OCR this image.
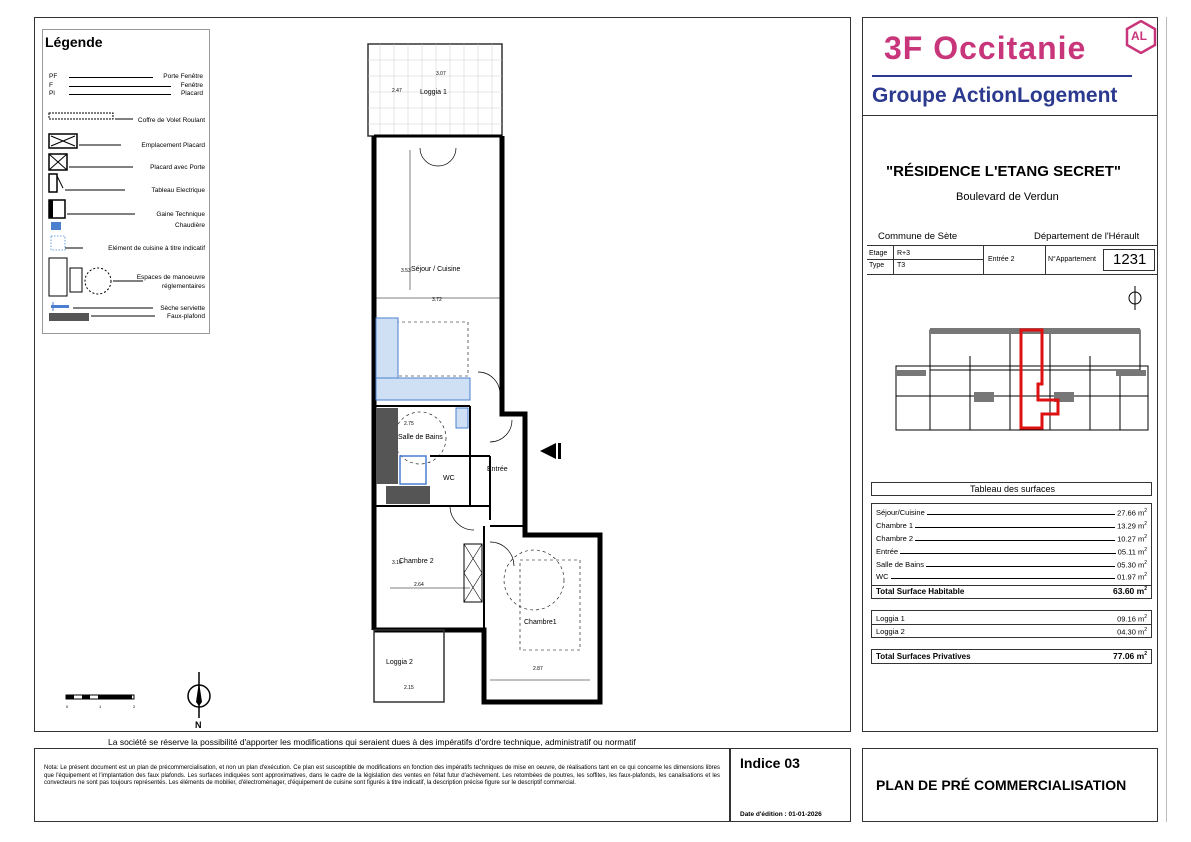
Légende
PF	Porte Fenêtre
F	Fenêtre
Pl	Placard
Coffre de Volet Roulant
Emplacement Placard
Placard avec Porte
Tableau Electrique
Gaine Technique
Chaudière
Elément de cuisine à titre indicatif
Espaces de manoeuvre
réglementaires
Sèche serviette
Faux-plafond
Loggia 1
3.07
2.47
Séjour / Cuisine
3.72
3.53
Salle de Bains
2.75
WC
Entrée
Chambre 2
2.64
3.16
Chambre1
2.87
Loggia 2
2.15
0	1	2
N
La société se réserve la possibilité d'apporter les modifications qui seraient dues à des impératifs d'ordre technique, administratif ou normatif
Nota: Le présent document est un plan de précommercialisation, et non un plan d'exécution. Ce plan est susceptible de modifications en fonction des impératifs techniques de mise en oeuvre, de réalisations tant en ce qui concerne les dimensions libres que l'équipement et l'implantation des faux plafonds. Les surfaces indiquées sont approximatives, dans le cadre de la législation des ventes en l'état futur d'achèvement. Les retombées de poutres, les soffites, les faux-plafonds, les canalisations et les convecteurs ne sont pas toujours représentés. Les éléments de mobilier, d'électroménager, d'équipement de cuisine sont figurés à titre indicatif, la description précise figure sur le descriptif commercial.
Indice 03
Date d'édition : 01-01-2026
3F Occitanie	AL
Groupe ActionLogement
"RÉSIDENCE L'ETANG SECRET"
Boulevard de Verdun
Commune de Sète	Département de l'Hérault
Etage R+3
Type T3
Entrée 2	N°Appartement 1231
Tableau des surfaces
Séjour/Cuisine	27.66 $m^2$
Chambre 1	13.29 $m^2$
Chambre 2	10.27 $m^2$
Entrée	05.11 $m^2$
Salle de Bains	05.30 $m^2$
WC	01.97 $m^2$
Total Surface Habitable	63.60 $m^2$
Loggia 1	09.16 $m^2$
Loggia 2	04.30 $m^2$
Total Surfaces Privatives	77.06 $m^2$
PLAN DE PRÉ COMMERCIALISATION
